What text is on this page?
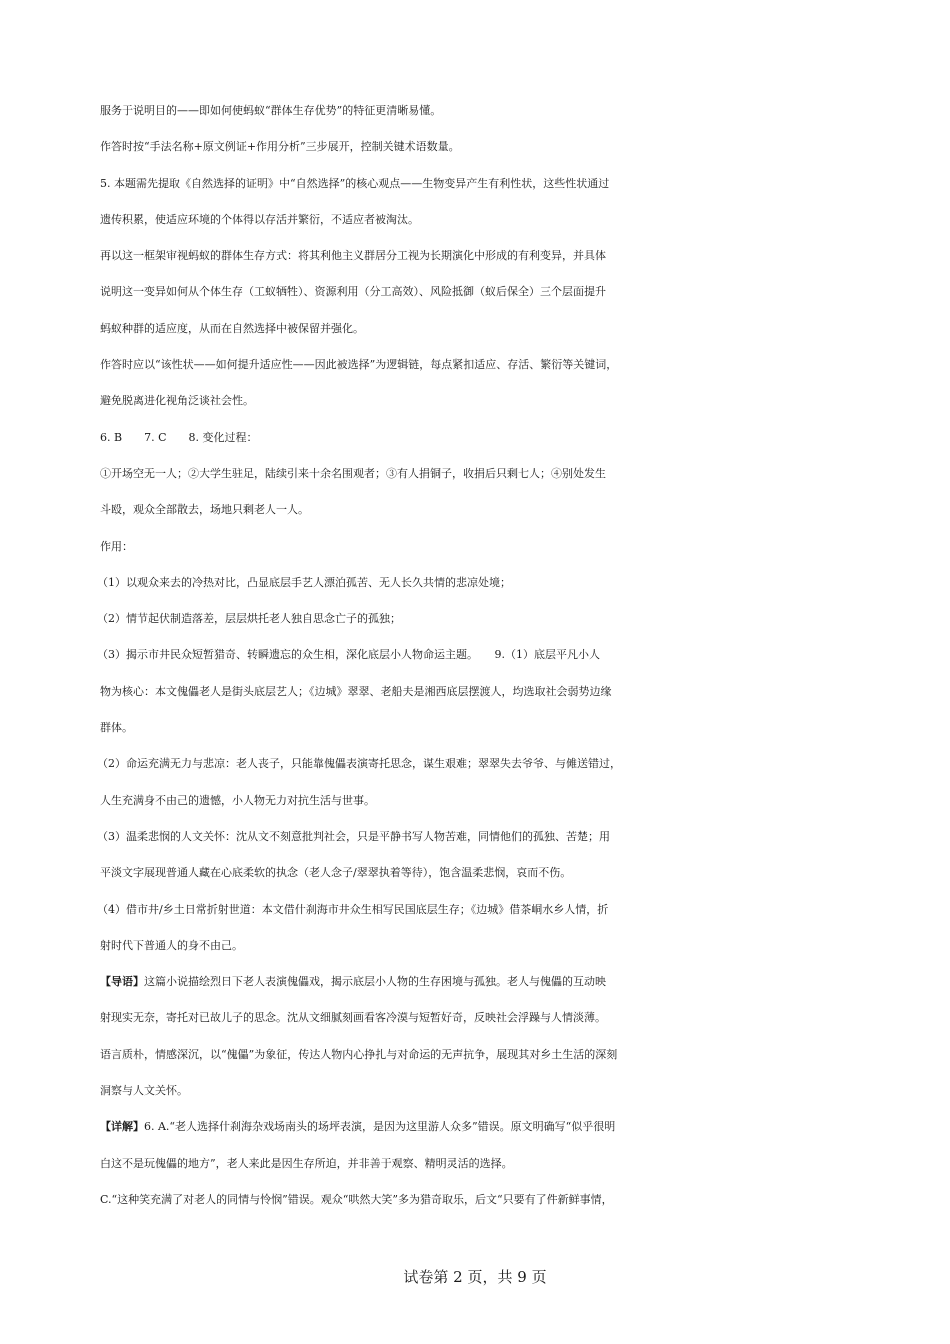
服务于说明目的——即如何使蚂蚁“群体生存优势”的特征更清晰易懂。

作答时按“手法名称+原文例证+作用分析”三步展开，控制关键术语数量。

5. 本题需先提取《自然选择的证明》中“自然选择”的核心观点——生物变异产生有利性状，这些性状通过

遗传积累，使适应环境的个体得以存活并繁衍，不适应者被淘汰。

再以这一框架审视蚂蚁的群体生存方式：将其利他主义群居分工视为长期演化中形成的有利变异，并具体

说明这一变异如何从个体生存（工蚁牺牲）、资源利用（分工高效）、风险抵御（蚁后保全）三个层面提升

蚂蚁种群的适应度，从而在自然选择中被保留并强化。

作答时应以“该性状——如何提升适应性——因此被选择”为逻辑链，每点紧扣适应、存活、繁衍等关键词，

避免脱离进化视角泛谈社会性。

6. B　　7. C　　8. 变化过程：

①开场空无一人；②大学生驻足，陆续引来十余名围观者；③有人捐铜子，收捐后只剩七人；④别处发生

斗殴，观众全部散去，场地只剩老人一人。

作用：

（1）以观众来去的冷热对比，凸显底层手艺人漂泊孤苦、无人长久共情的悲凉处境；

（2）情节起伏制造落差，层层烘托老人独自思念亡子的孤独；

（3）揭示市井民众短暂猎奇、转瞬遗忘的众生相，深化底层小人物命运主题。　　9.（1）底层平凡小人

物为核心：本文傀儡老人是街头底层艺人；《边城》翠翠、老船夫是湘西底层摆渡人，均选取社会弱势边缘

群体。

（2）命运充满无力与悲凉：老人丧子，只能靠傀儡表演寄托思念，谋生艰难；翠翠失去爷爷、与傩送错过，

人生充满身不由己的遗憾，小人物无力对抗生活与世事。

（3）温柔悲悯的人文关怀：沈从文不刻意批判社会，只是平静书写人物苦难，同情他们的孤独、苦楚；用

平淡文字展现普通人藏在心底柔软的执念（老人念子/翠翠执着等待），饱含温柔悲悯，哀而不伤。

（4）借市井/乡土日常折射世道：本文借什刹海市井众生相写民国底层生存；《边城》借茶峒水乡人情，折

射时代下普通人的身不由己。

【导语】这篇小说描绘烈日下老人表演傀儡戏，揭示底层小人物的生存困境与孤独。老人与傀儡的互动映

射现实无奈，寄托对已故儿子的思念。沈从文细腻刻画看客冷漠与短暂好奇，反映社会浮躁与人情淡薄。

语言质朴，情感深沉，以“傀儡”为象征，传达人物内心挣扎与对命运的无声抗争，展现其对乡土生活的深刻

洞察与人文关怀。

【详解】6. A.“老人选择什刹海杂戏场南头的场坪表演，是因为这里游人众多”错误。原文明确写“似乎很明

白这不是玩傀儡的地方”，老人来此是因生存所迫，并非善于观察、精明灵活的选择。

C.“这种笑充满了对老人的同情与怜悯”错误。观众“哄然大笑”多为猎奇取乐，后文“只要有了件新鲜事情，

试卷第 2 页，共 9 页
